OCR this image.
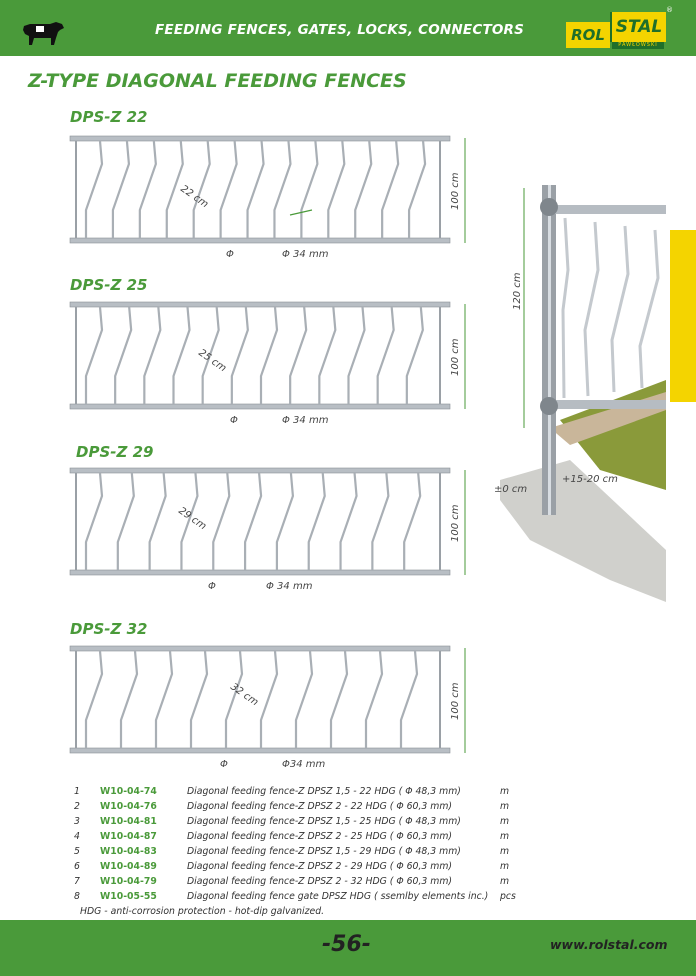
FEEDING FENCES, GATES, LOCKS, CONNECTORS	ROL STAL
PAWŁOWSKI
®
Z-TYPE DIAGONAL FEEDING FENCES
DPS-Z 22
22 cm	100 cm
Φ	Φ 34 mm
DPS-Z 25
25 cm	100 cm
Φ	Φ 34 mm
DPS-Z 29
29 cm	100 cm
Φ	Φ 34 mm
DPS-Z 32
32 cm	100 cm
Φ	Φ34 mm
120 cm
±0 cm
+15-20 cm
1	W10-04-74	Diagonal feeding fence-Z DPSZ 1,5 - 22 HDG ( Φ 48,3 mm)	m
2	W10-04-76	Diagonal feeding fence-Z DPSZ 2 - 22 HDG ( Φ 60,3 mm)	m
3	W10-04-81	Diagonal feeding fence-Z DPSZ 1,5 - 25 HDG ( Φ 48,3 mm)	m
4	W10-04-87	Diagonal feeding fence-Z DPSZ 2 - 25 HDG ( Φ 60,3 mm)	m
5	W10-04-83	Diagonal feeding fence-Z DPSZ 1,5 - 29 HDG ( Φ 48,3 mm)	m
6	W10-04-89	Diagonal feeding fence-Z DPSZ 2 - 29 HDG ( Φ 60,3 mm)	m
7	W10-04-79	Diagonal feeding fence-Z DPSZ 2 - 32 HDG ( Φ 60,3 mm)	m
8	W10-05-55	Diagonal feeding fence gate DPSZ HDG ( ssemlby elements inc.) pcs
HDG - anti-corrosion protection - hot-dip galvanized.
-56-	www.rolstal.com
